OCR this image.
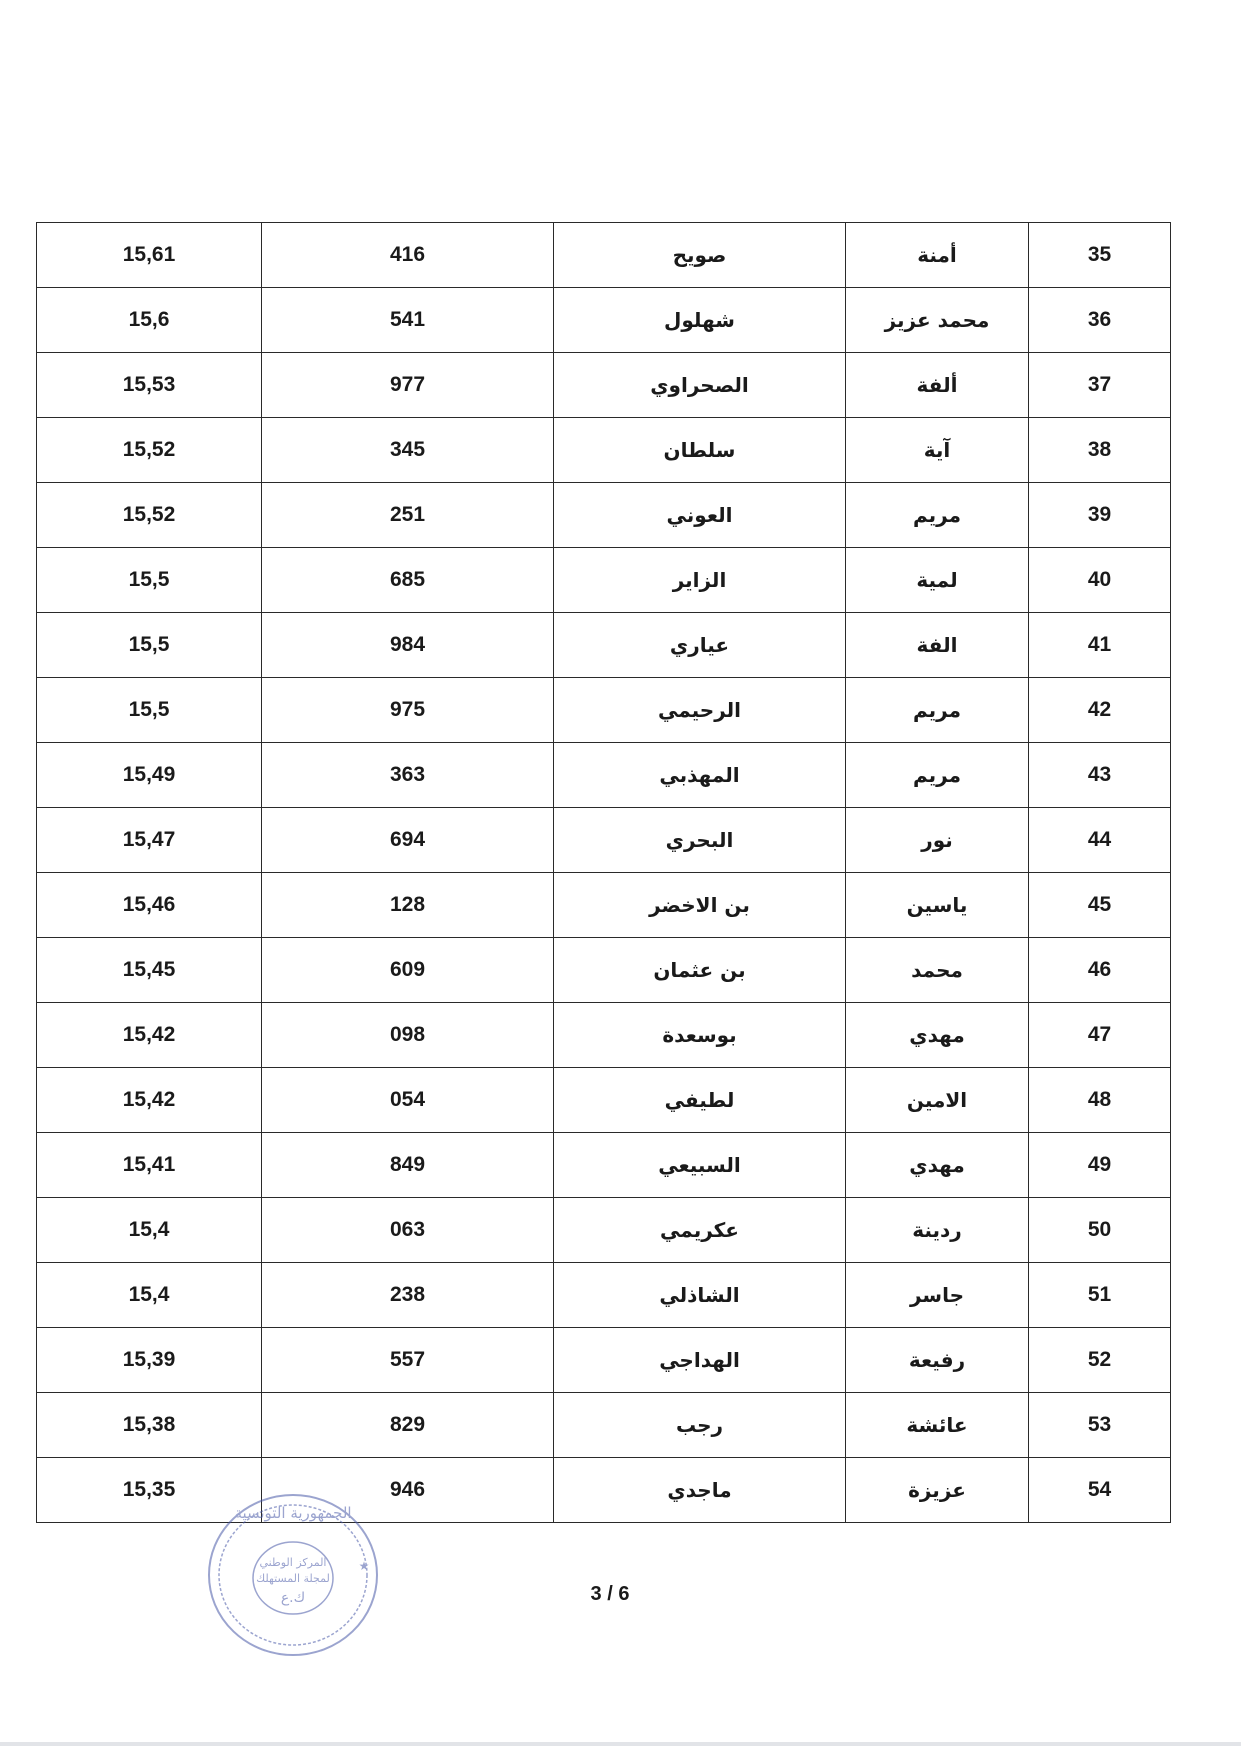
15,61	416	صويح	أمنة	35
15,6	541	شهلول	محمد عزيز	36
15,53	977	الصحراوي	ألفة	37
15,52	345	سلطان	آية	38
15,52	251	العوني	مريم	39
15,5	685	الزاير	لمية	40
15,5	984	عياري	الفة	41
15,5	975	الرحيمي	مريم	42
15,49	363	المهذبي	مريم	43
15,47	694	البحري	نور	44
15,46	128	بن الاخضر	ياسين	45
15,45	609	بن عثمان	محمد	46
15,42	098	بوسعدة	مهدي	47
15,42	054	لطيفي	الامين	48
15,41	849	السبيعي	مهدي	49
15,4	063	عكريمي	ردينة	50
15,4	238	الشاذلي	جاسر	51
15,39	557	الهداجي	رفيعة	52
15,38	829	رجب	عائشة	53
15,35	946	ماجدي	عزيزة	54
3 / 6
الجمهورية التونسية
المركز الوطني
لمجلة المستهلك
ك.ع
★
